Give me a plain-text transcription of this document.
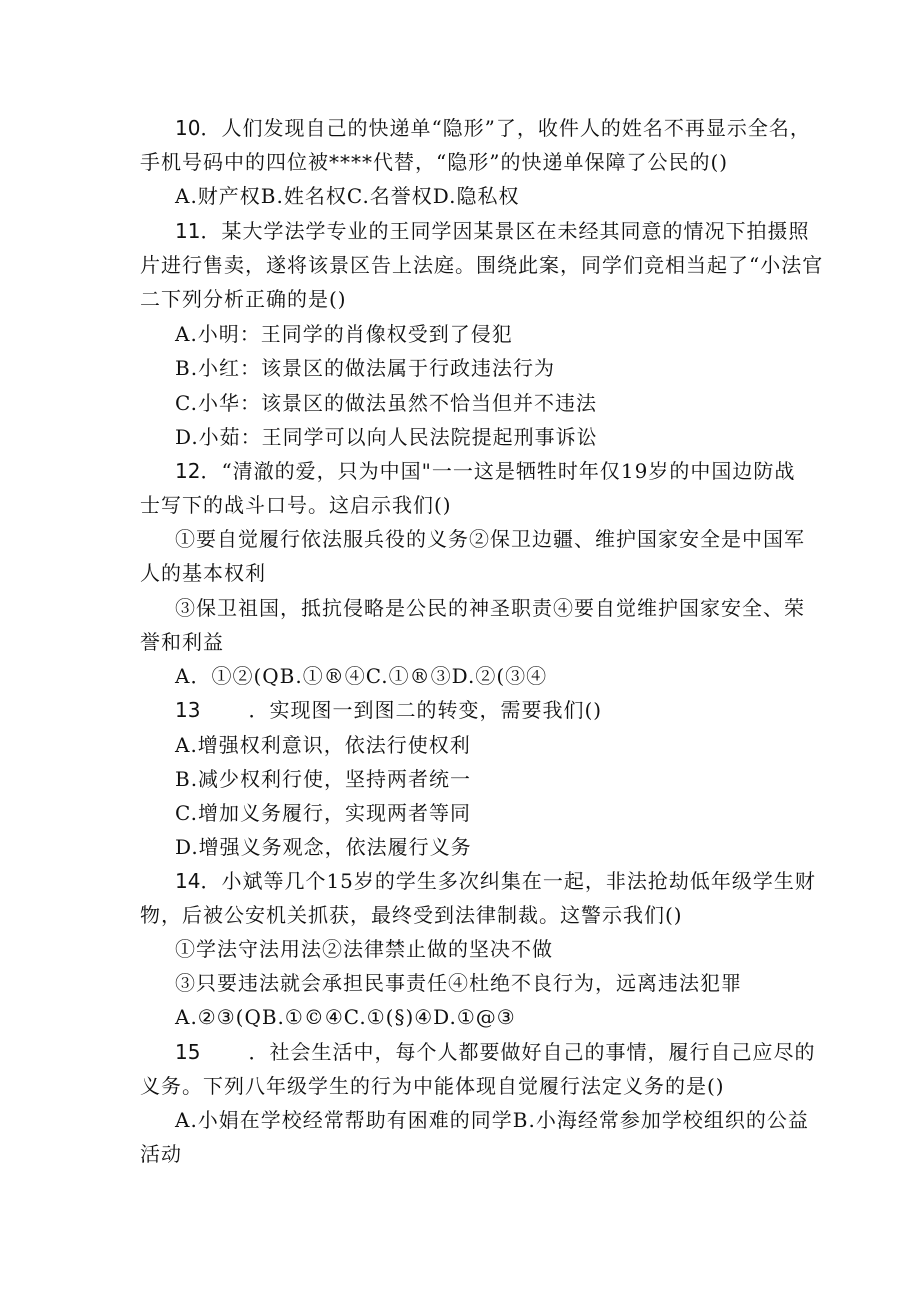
10．人们发现自己的快递单“隐形”了，收件人的姓名不再显示全名，
手机号码中的四位被****代替，“隐形”的快递单保障了公民的()
A.财产权B.姓名权C.名誉权D.隐私权
11．某大学法学专业的王同学因某景区在未经其同意的情况下拍摄照
片进行售卖，遂将该景区告上法庭。围绕此案，同学们竞相当起了“小法官
二下列分析正确的是()
A.小明：王同学的肖像权受到了侵犯
B.小红：该景区的做法属于行政违法行为
C.小华：该景区的做法虽然不恰当但并不违法
D.小茹：王同学可以向人民法院提起刑事诉讼
12．“清澈的爱，只为中国"一一这是牺牲时年仅19岁的中国边防战
士写下的战斗口号。这启示我们()
①要自觉履行依法服兵役的义务②保卫边疆、维护国家安全是中国军
人的基本权利
③保卫祖国，抵抗侵略是公民的神圣职责④要自觉维护国家安全、荣
誉和利益
A．①②(QB.①®④C.①®③D.②(③④
13 ．实现图一到图二的转变，需要我们()
A.增强权利意识，依法行使权利
B.减少权利行使，坚持两者统一
C.增加义务履行，实现两者等同
D.增强义务观念，依法履行义务
14．小斌等几个15岁的学生多次纠集在一起，非法抢劫低年级学生财
物，后被公安机关抓获，最终受到法律制裁。这警示我们()
①学法守法用法②法律禁止做的坚决不做
③只要违法就会承担民事责任④杜绝不良行为，远离违法犯罪
A.②③(QB.①©④C.①(§)④D.①@③
15 ．社会生活中，每个人都要做好自己的事情，履行自己应尽的
义务。下列八年级学生的行为中能体现自觉履行法定义务的是()
A.小娟在学校经常帮助有困难的同学B.小海经常参加学校组织的公益
活动
